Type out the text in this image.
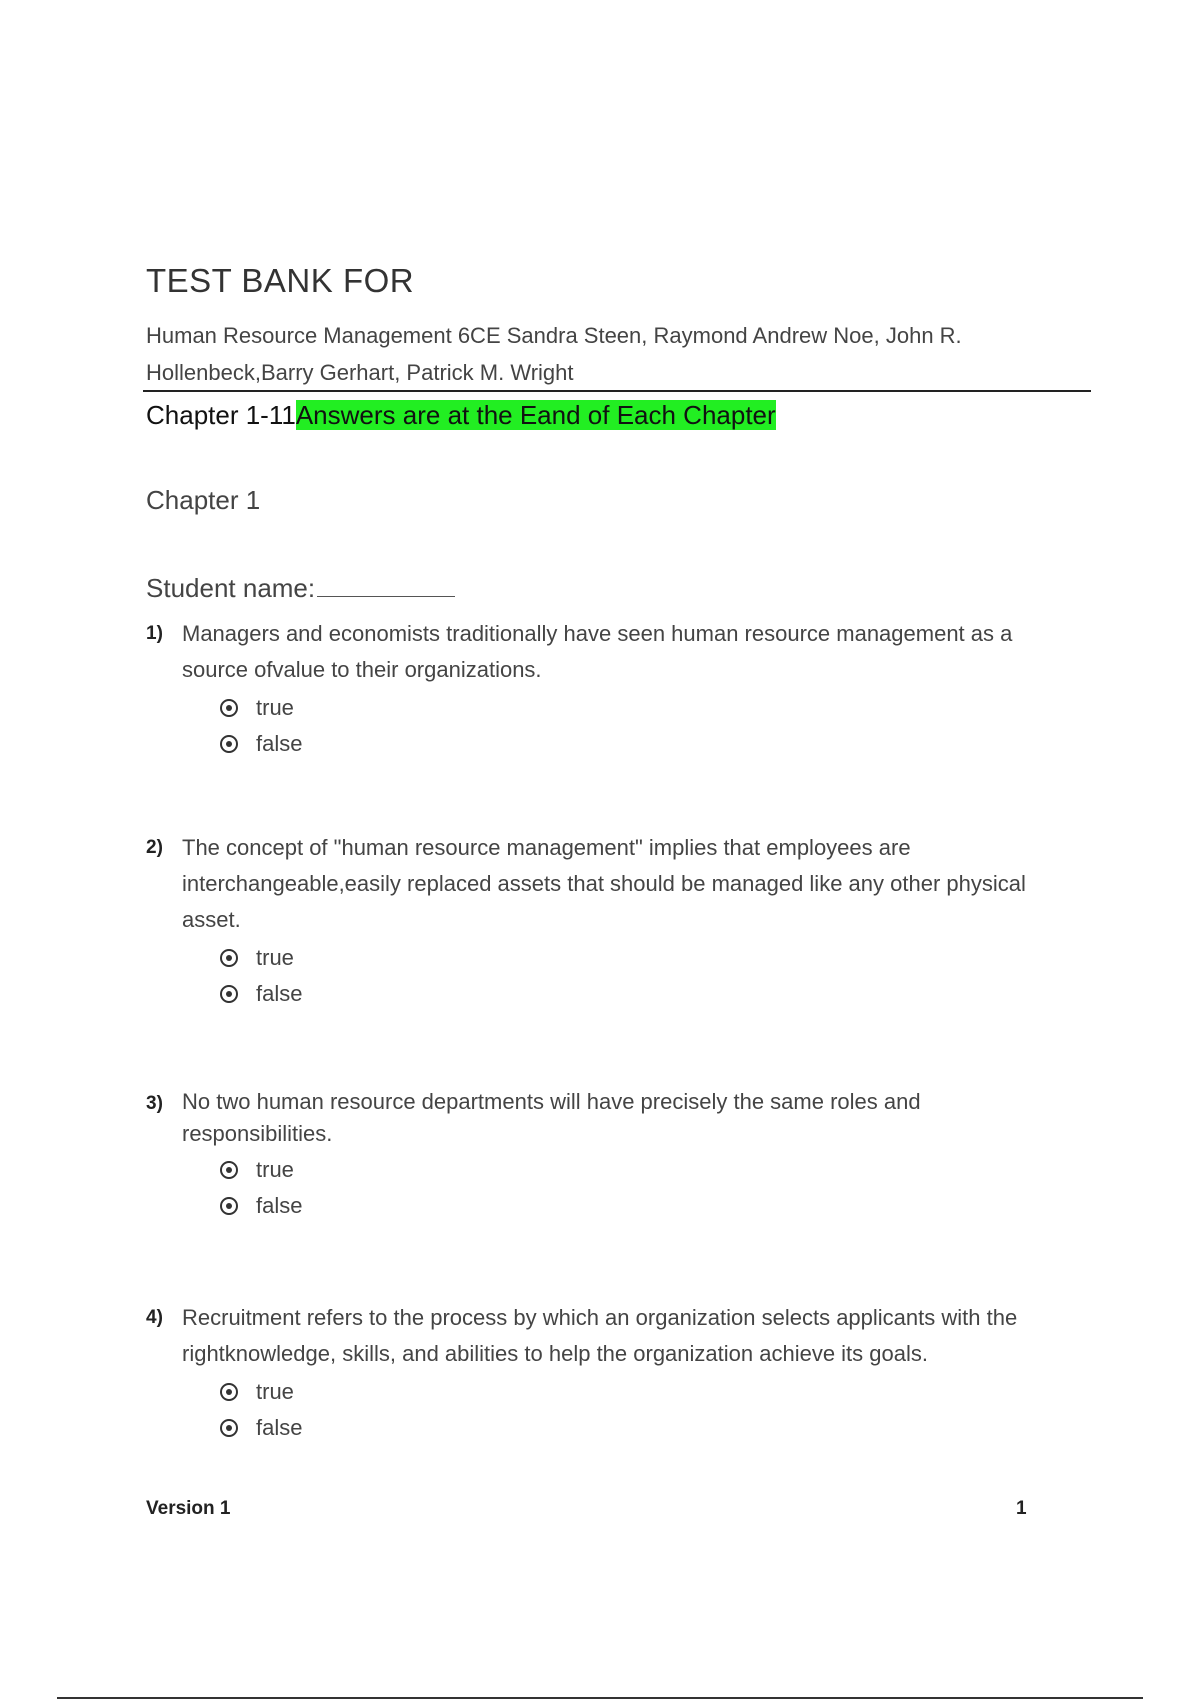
TEST BANK FOR
Human Resource Management 6CE Sandra Steen, Raymond Andrew Noe, John R. Hollenbeck,Barry Gerhart, Patrick M. Wright
Chapter 1-11Answers are at the Eand of Each Chapter
Chapter 1
Student name:
1) Managers and economists traditionally have seen human resource management as a source ofvalue to their organizations.
true
false
2) The concept of "human resource management" implies that employees are interchangeable,easily replaced assets that should be managed like any other physical asset.
true
false
3) No two human resource departments will have precisely the same roles and responsibilities.
true
false
4) Recruitment refers to the process by which an organization selects applicants with the rightknowledge, skills, and abilities to help the organization achieve its goals.
true
false
Version 1	1
